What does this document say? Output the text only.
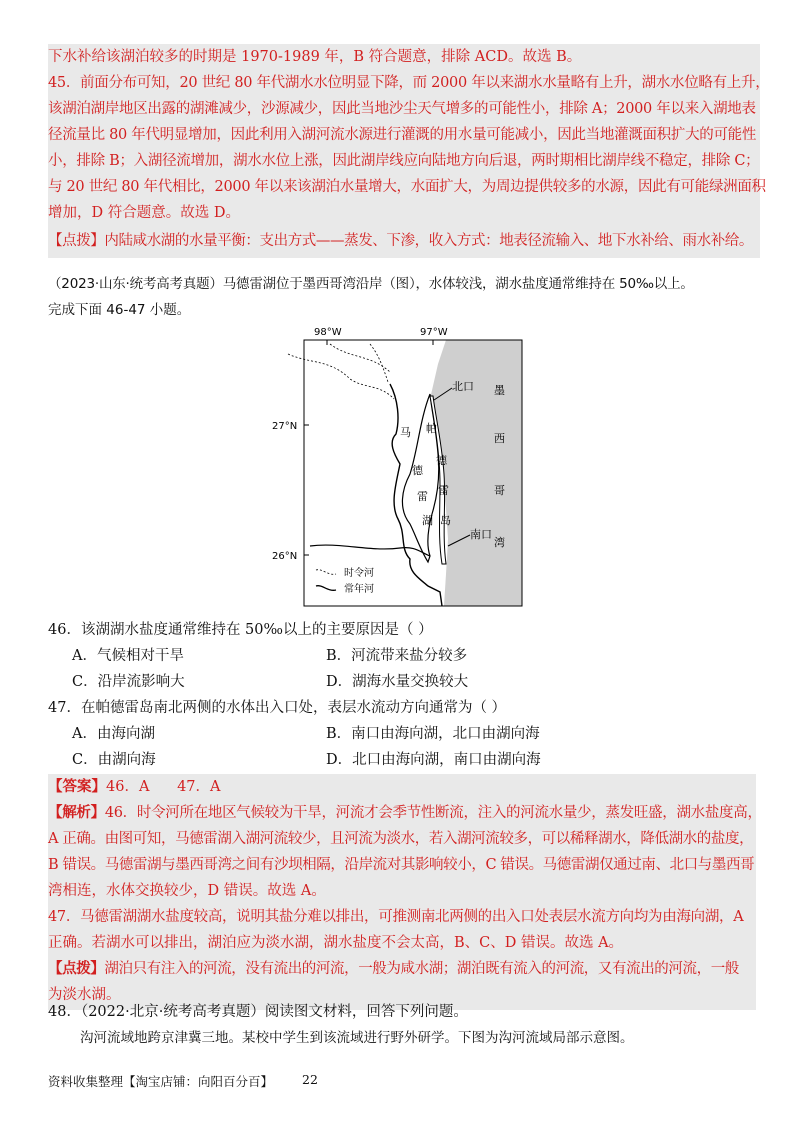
下水补给该湖泊较多的时期是 1970-1989 年，B 符合题意，排除 ACD。故选 B。
45．前面分布可知，20 世纪 80 年代湖水水位明显下降，而 2000 年以来湖水水量略有上升，湖水水位略有上升，
该湖泊湖岸地区出露的湖滩减少，沙源减少，因此当地沙尘天气增多的可能性小，排除 A；2000 年以来入湖地表
径流量比 80 年代明显增加，因此利用入湖河流水源进行灌溉的用水量可能减小，因此当地灌溉面积扩大的可能性
小，排除 B；入湖径流增加，湖水水位上涨，因此湖岸线应向陆地方向后退，两时期相比湖岸线不稳定，排除 C；
与 20 世纪 80 年代相比，2000 年以来该湖泊水量增大，水面扩大，为周边提供较多的水源，因此有可能绿洲面积
增加，D 符合题意。故选 D。
【点拨】内陆咸水湖的水量平衡：支出方式——蒸发、下渗，收入方式：地表径流输入、地下水补给、雨水补给。
（2023·山东·统考高考真题）马德雷湖位于墨西哥湾沿岸（图），水体较浅，湖水盐度通常维持在 50‰以上。
完成下面 46-47 小题。
98°W	97°W
27°N
26°N
北口
南口
墨
西
哥
湾
马
德
雷
湖
帕
德
雷
岛
时令河
常年河
46．该湖湖水盐度通常维持在 50‰以上的主要原因是（ ）
A．气候相对干旱	B．河流带来盐分较多
C．沿岸流影响大	D．湖海水量交换较大
47．在帕德雷岛南北两侧的水体出入口处，表层水流动方向通常为（ ）
A．由海向湖	B．南口由海向湖，北口由湖向海
C．由湖向海	D．北口由海向湖，南口由湖向海
【答案】46．A      47．A
【解析】46．时令河所在地区气候较为干旱，河流才会季节性断流，注入的河流水量少，蒸发旺盛，湖水盐度高，
A 正确。由图可知，马德雷湖入湖河流较少，且河流为淡水，若入湖河流较多，可以稀释湖水，降低湖水的盐度，
B 错误。马德雷湖与墨西哥湾之间有沙坝相隔，沿岸流对其影响较小，C 错误。马德雷湖仅通过南、北口与墨西哥
湾相连，水体交换较少，D 错误。故选 A。
47．马德雷湖湖水盐度较高，说明其盐分难以排出，可推测南北两侧的出入口处表层水流方向均为由海向湖，A
正确。若湖水可以排出，湖泊应为淡水湖，湖水盐度不会太高，B、C、D 错误。故选 A。
【点拨】湖泊只有注入的河流，没有流出的河流，一般为咸水湖；湖泊既有流入的河流，又有流出的河流，一般
为淡水湖。
48．（2022·北京·统考高考真题）阅读图文材料，回答下列问题。
沟河流域地跨京津冀三地。某校中学生到该流域进行野外研学。下图为沟河流域局部示意图。
资料收集整理【淘宝店铺：向阳百分百】 22
